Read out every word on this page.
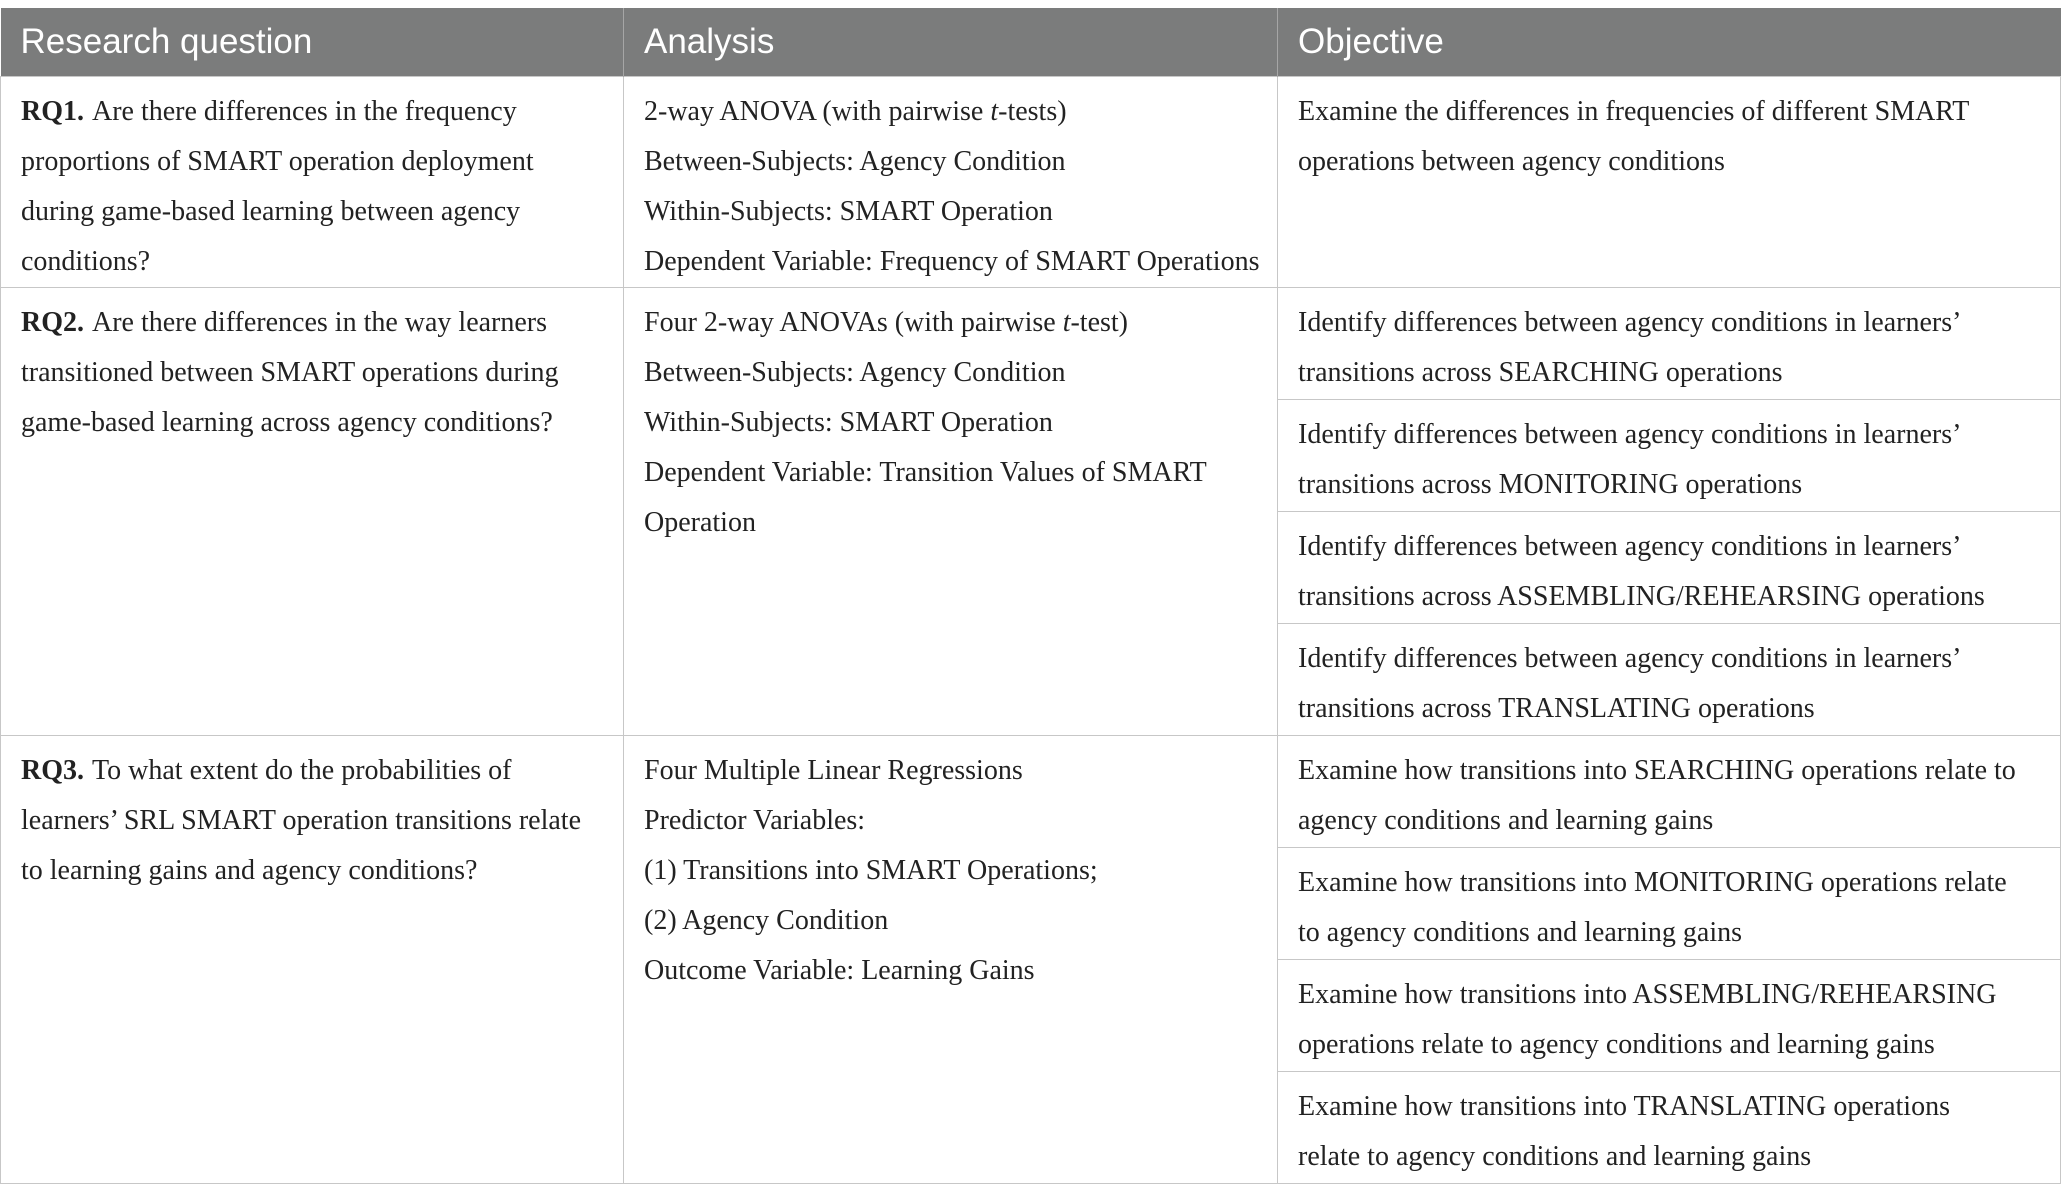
Research question	Analysis	Objective

RQ1. Are there differences in the frequency
proportions of SMART operation deployment
during game-based learning between agency
conditions?	2-way ANOVA (with pairwise t-tests)
Between-Subjects: Agency Condition
Within-Subjects: SMART Operation
Dependent Variable: Frequency of SMART Operations	Examine the differences in frequencies of different SMART
operations between agency conditions

RQ2. Are there differences in the way learners
transitioned between SMART operations during
game-based learning across agency conditions?	Four 2-way ANOVAs (with pairwise t-test)
Between-Subjects: Agency Condition
Within-Subjects: SMART Operation
Dependent Variable: Transition Values of SMART
Operation	Identify differences between agency conditions in learners’
transitions across SEARCHING operations

		Identify differences between agency conditions in learners’
transitions across MONITORING operations

		Identify differences between agency conditions in learners’
transitions across ASSEMBLING/REHEARSING operations

		Identify differences between agency conditions in learners’
transitions across TRANSLATING operations

RQ3. To what extent do the probabilities of
learners’ SRL SMART operation transitions relate
to learning gains and agency conditions?	Four Multiple Linear Regressions
Predictor Variables:
(1) Transitions into SMART Operations;
(2) Agency Condition
Outcome Variable: Learning Gains	Examine how transitions into SEARCHING operations relate to
agency conditions and learning gains

		Examine how transitions into MONITORING operations relate
to agency conditions and learning gains

		Examine how transitions into ASSEMBLING/REHEARSING
operations relate to agency conditions and learning gains

		Examine how transitions into TRANSLATING operations
relate to agency conditions and learning gains
